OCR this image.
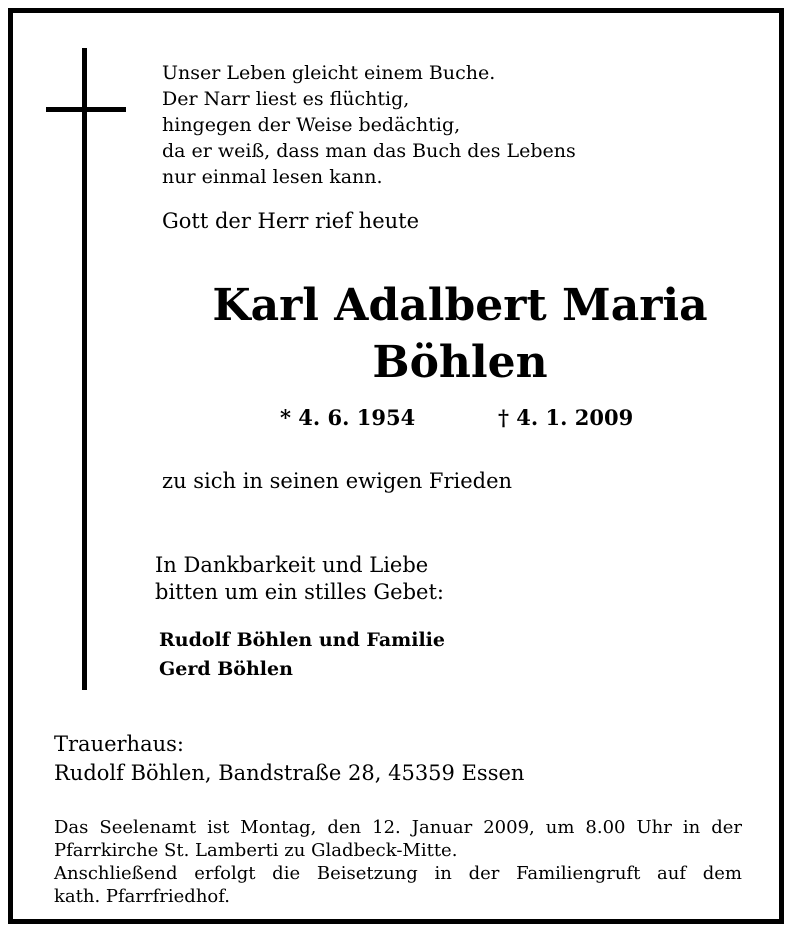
Unser Leben gleicht einem Buche.
Der Narr liest es flüchtig,
hingegen der Weise bedächtig,
da er weiß, dass man das Buch des Lebens
nur einmal lesen kann.
Gott der Herr rief heute
Karl Adalbert Maria
Böhlen
* 4. 6. 1954	† 4. 1. 2009
zu sich in seinen ewigen Frieden
In Dankbarkeit und Liebe
bitten um ein stilles Gebet:
Rudolf Böhlen und Familie
Gerd Böhlen
Trauerhaus:
Rudolf Böhlen, Bandstraße 28, 45359 Essen
Das Seelenamt ist Montag, den 12. Januar 2009, um 8.00 Uhr in der
Pfarrkirche St. Lamberti zu Gladbeck-Mitte.
Anschließend erfolgt die Beisetzung in der Familiengruft auf dem
kath. Pfarrfriedhof.
